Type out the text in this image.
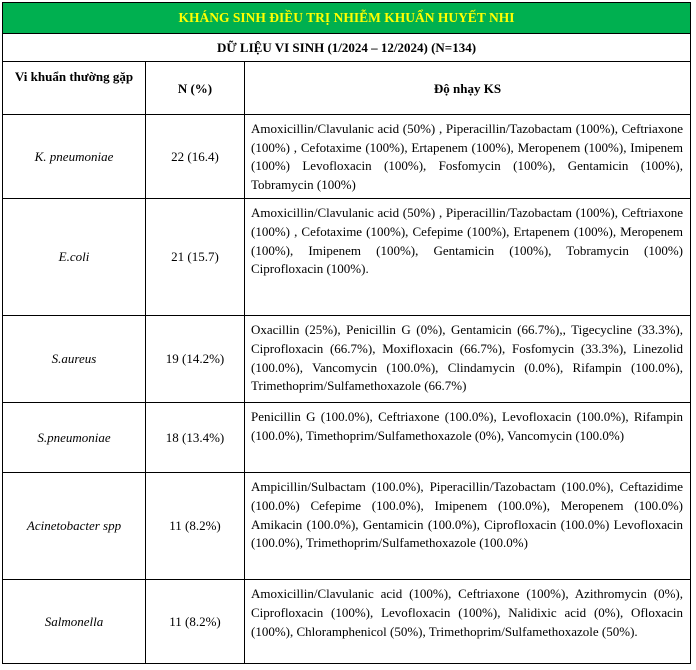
KHÁNG SINH ĐIỀU TRỊ NHIỄM KHUẨN HUYẾT NHI		
DỮ LIỆU VI SINH (1/2024 – 12/2024) (N=134)		
Vi khuẩn thường gặp	N (%)	Độ nhạy KS
K. pneumoniae	22 (16.4)	Amoxicillin/Clavulanic acid (50%) , Piperacillin/Tazobactam (100%), Ceftriaxone (100%) , Cefotaxime (100%), Ertapenem (100%), Meropenem (100%), Imipenem (100%) Levofloxacin (100%), Fosfomycin (100%), Gentamicin (100%), Tobramycin (100%)
E.coli	21 (15.7)	Amoxicillin/Clavulanic acid (50%) , Piperacillin/Tazobactam (100%), Ceftriaxone (100%) , Cefotaxime (100%), Cefepime (100%), Ertapenem (100%), Meropenem (100%), Imipenem (100%), Gentamicin (100%), Tobramycin (100%) Ciprofloxacin (100%).
S.aureus	19 (14.2%)	Oxacillin (25%), Penicillin G (0%), Gentamicin (66.7%),, Tigecycline (33.3%), Ciprofloxacin (66.7%), Moxifloxacin (66.7%), Fosfomycin (33.3%), Linezolid (100.0%), Vancomycin (100.0%), Clindamycin (0.0%), Rifampin (100.0%), Trimethoprim/Sulfamethoxazole (66.7%)
S.pneumoniae	18 (13.4%)	Penicillin G (100.0%), Ceftriaxone (100.0%), Levofloxacin (100.0%), Rifampin (100.0%), Timethoprim/Sulfamethoxazole (0%), Vancomycin (100.0%)
Acinetobacter spp	11 (8.2%)	Ampicillin/Sulbactam (100.0%), Piperacillin/Tazobactam (100.0%), Ceftazidime (100.0%) Cefepime (100.0%), Imipenem (100.0%), Meropenem (100.0%) Amikacin (100.0%), Gentamicin (100.0%), Ciprofloxacin (100.0%) Levofloxacin (100.0%), Trimethoprim/Sulfamethoxazole (100.0%)
Salmonella	11 (8.2%)	Amoxicillin/Clavulanic acid (100%), Ceftriaxone (100%), Azithromycin (0%), Ciprofloxacin (100%), Levofloxacin (100%), Nalidixic acid (0%), Ofloxacin (100%), Chloramphenicol (50%), Trimethoprim/Sulfamethoxazole (50%).
